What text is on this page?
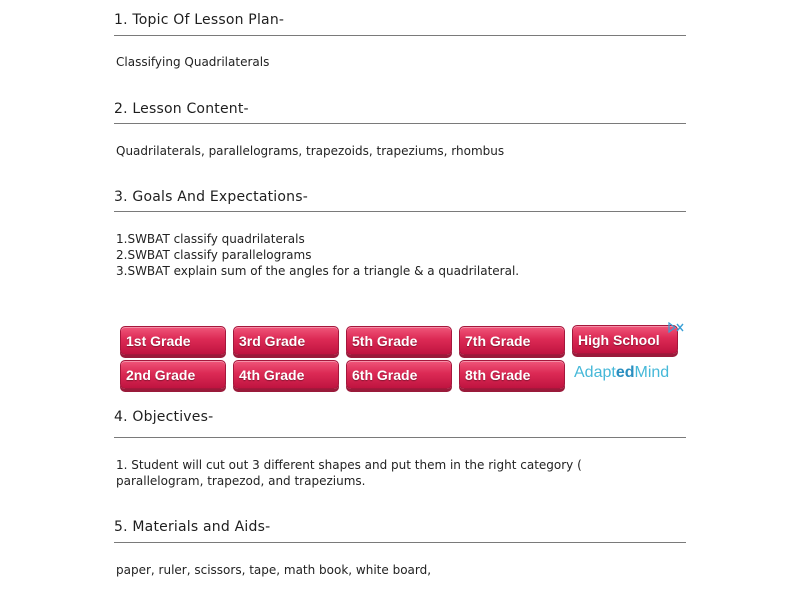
1. Topic Of Lesson Plan-
Classifying Quadrilaterals
2. Lesson Content-
Quadrilaterals, parallelograms, trapezoids, trapeziums, rhombus
3. Goals And Expectations-
1.SWBAT classify quadrilaterals
2.SWBAT classify parallelograms
3.SWBAT explain sum of the angles for a triangle & a quadrilateral.
1st Grade	3rd Grade	5th Grade	7th Grade	High School
2nd Grade	4th Grade	6th Grade	8th Grade	AdaptedMind
4. Objectives-
1. Student will cut out 3 different shapes and put them in the right category (
parallelogram, trapezod, and trapeziums.
5. Materials and Aids-
paper, ruler, scissors, tape, math book, white board,
